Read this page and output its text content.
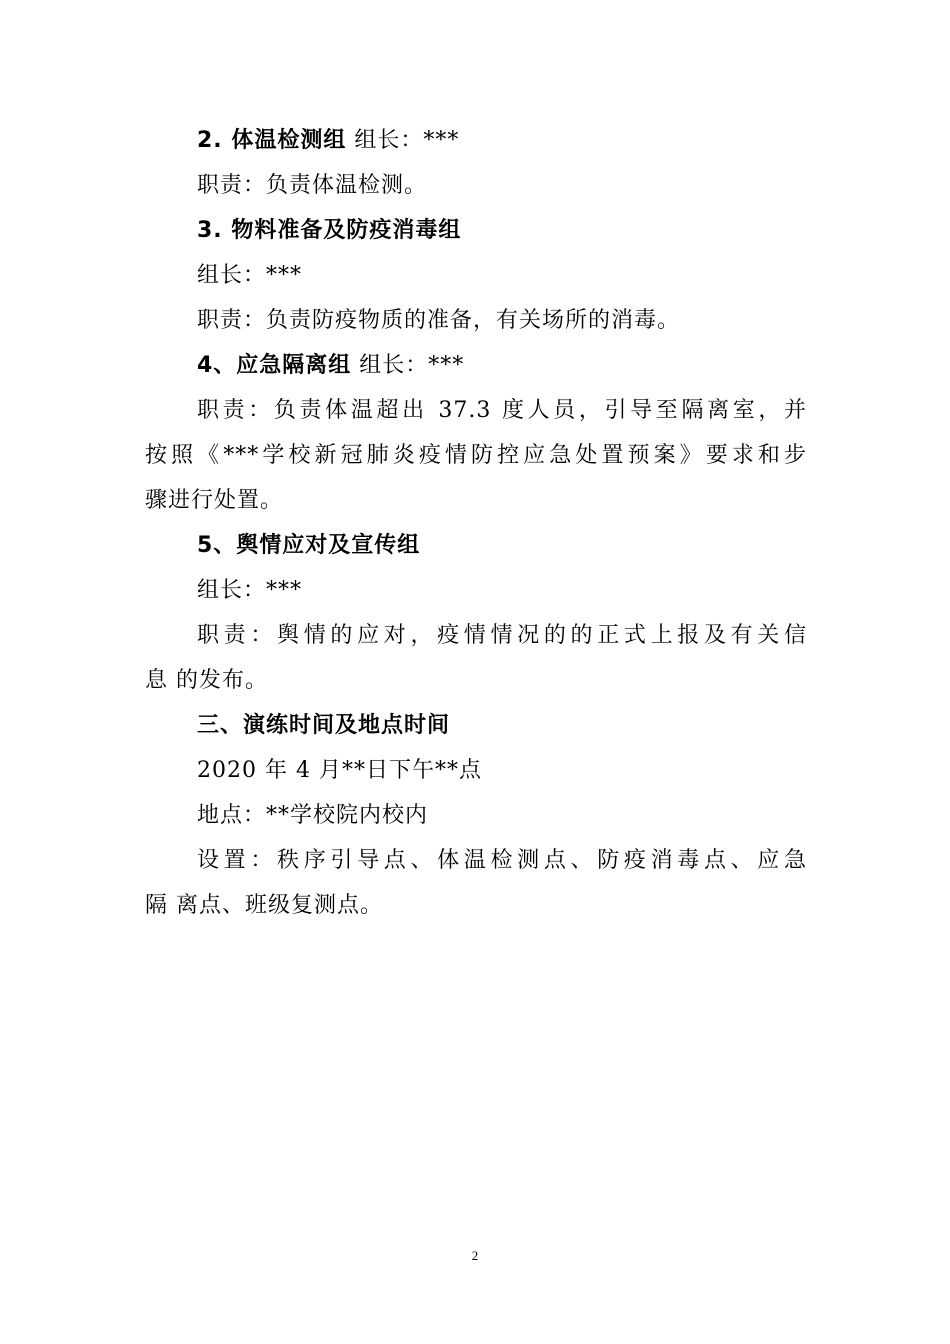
2. 体温检测组 组长：***
职责：负责体温检测。
3. 物料准备及防疫消毒组
组长：***
职责：负责防疫物质的准备，有关场所的消毒。
4、应急隔离组 组长：***
职责：负责体温超出 37.3 度人员，引导至隔离室，并
按照《***学校新冠肺炎疫情防控应急处置预案》要求和步
骤进行处置。
5、舆情应对及宣传组
组长：***
职责：舆情的应对，疫情情况的的正式上报及有关信
息 的发布。
三、演练时间及地点时间
2020 年 4 月**日下午**点
地点：**学校院内校内
设置：秩序引导点、体温检测点、防疫消毒点、应急
隔 离点、班级复测点。
2
